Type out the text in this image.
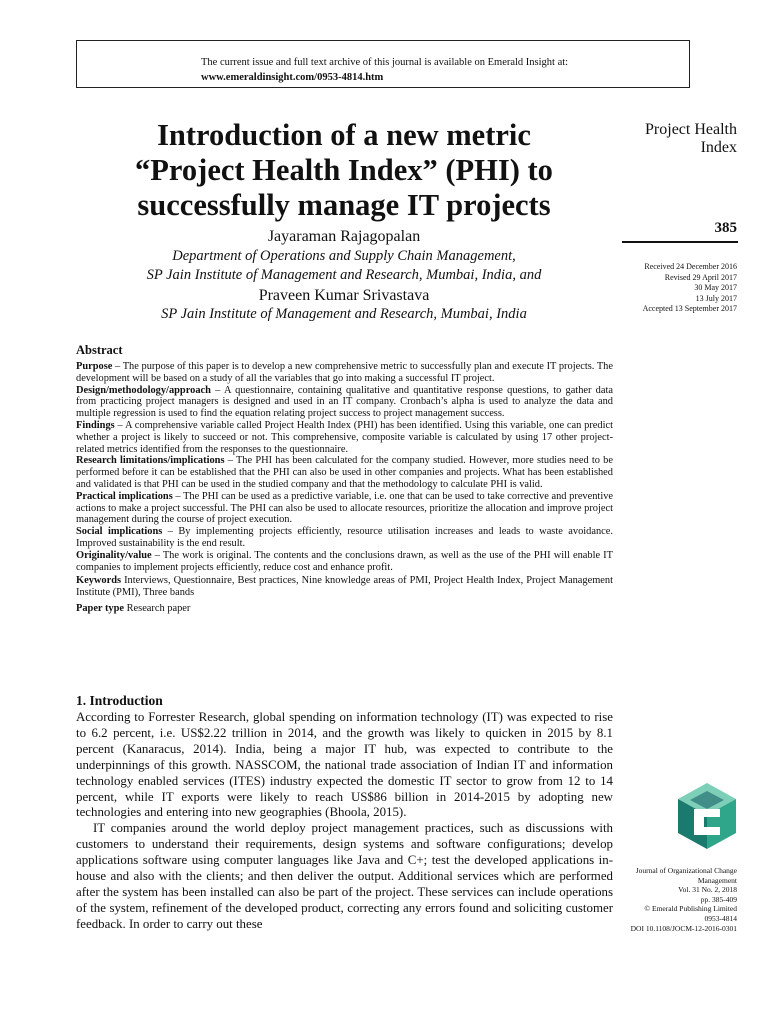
The current issue and full text archive of this journal is available on Emerald Insight at:
www.emeraldinsight.com/0953-4814.htm
Introduction of a new metric
“Project Health Index” (PHI) to
successfully manage IT projects
Jayaraman Rajagopalan
Department of Operations and Supply Chain Management,
SP Jain Institute of Management and Research, Mumbai, India, and
Praveen Kumar Srivastava
SP Jain Institute of Management and Research, Mumbai, India
Project Health
Index
385
Received 24 December 2016
Revised 29 April 2017
30 May 2017
13 July 2017
Accepted 13 September 2017
Abstract

Purpose – The purpose of this paper is to develop a new comprehensive metric to successfully plan and execute IT projects. The development will be based on a study of all the variables that go into making a successful IT project.

Design/methodology/approach – A questionnaire, containing qualitative and quantitative response questions, to gather data from practicing project managers is designed and used in an IT company. Cronbach’s alpha is used to analyze the data and multiple regression is used to find the equation relating project success to project management success.

Findings – A comprehensive variable called Project Health Index (PHI) has been identified. Using this variable, one can predict whether a project is likely to succeed or not. This comprehensive, composite variable is calculated by using 17 other project-related metrics identified from the responses to the questionnaire.

Research limitations/implications – The PHI has been calculated for the company studied. However, more studies need to be performed before it can be established that the PHI can also be used in other companies and projects. What has been established and validated is that PHI can be used in the studied company and that the methodology to calculate PHI is valid.

Practical implications – The PHI can be used as a predictive variable, i.e. one that can be used to take corrective and preventive actions to make a project successful. The PHI can also be used to allocate resources, prioritize the allocation and improve project management during the course of project execution.

Social implications – By implementing projects efficiently, resource utilisation increases and leads to waste avoidance. Improved sustainability is the end result.

Originality/value – The work is original. The contents and the conclusions drawn, as well as the use of the PHI will enable IT companies to implement projects efficiently, reduce cost and enhance profit.

Keywords Interviews, Questionnaire, Best practices, Nine knowledge areas of PMI, Project Health Index, Project Management Institute (PMI), Three bands

Paper type Research paper

1. Introduction

According to Forrester Research, global spending on information technology (IT) was expected to rise to 6.2 percent, i.e. US$2.22 trillion in 2014, and the growth was likely to quicken in 2015 by 8.1 percent (Kanaracus, 2014). India, being a major IT hub, was expected to contribute to the underpinnings of this growth. NASSCOM, the national trade association of Indian IT and information technology enabled services (ITES) industry expected the domestic IT sector to grow from 12 to 14 percent, while IT exports were likely to reach US$86 billion in 2014-2015 by adopting new technologies and entering into new geographies (Bhoola, 2015).

IT companies around the world deploy project management practices, such as discussions with customers to understand their requirements, design systems and software configurations; develop applications software using computer languages like Java and C+; test the developed applications in-house and also with the clients; and then deliver the output. Additional services which are performed after the system has been installed can also be part of the project. These services can include operations of the system, refinement of the developed product, correcting any errors found and soliciting customer feedback. In order to carry out these

Journal of Organizational Change
Management
Vol. 31 No. 2, 2018
pp. 385-409
© Emerald Publishing Limited
0953-4814
DOI 10.1108/JOCM-12-2016-0301
